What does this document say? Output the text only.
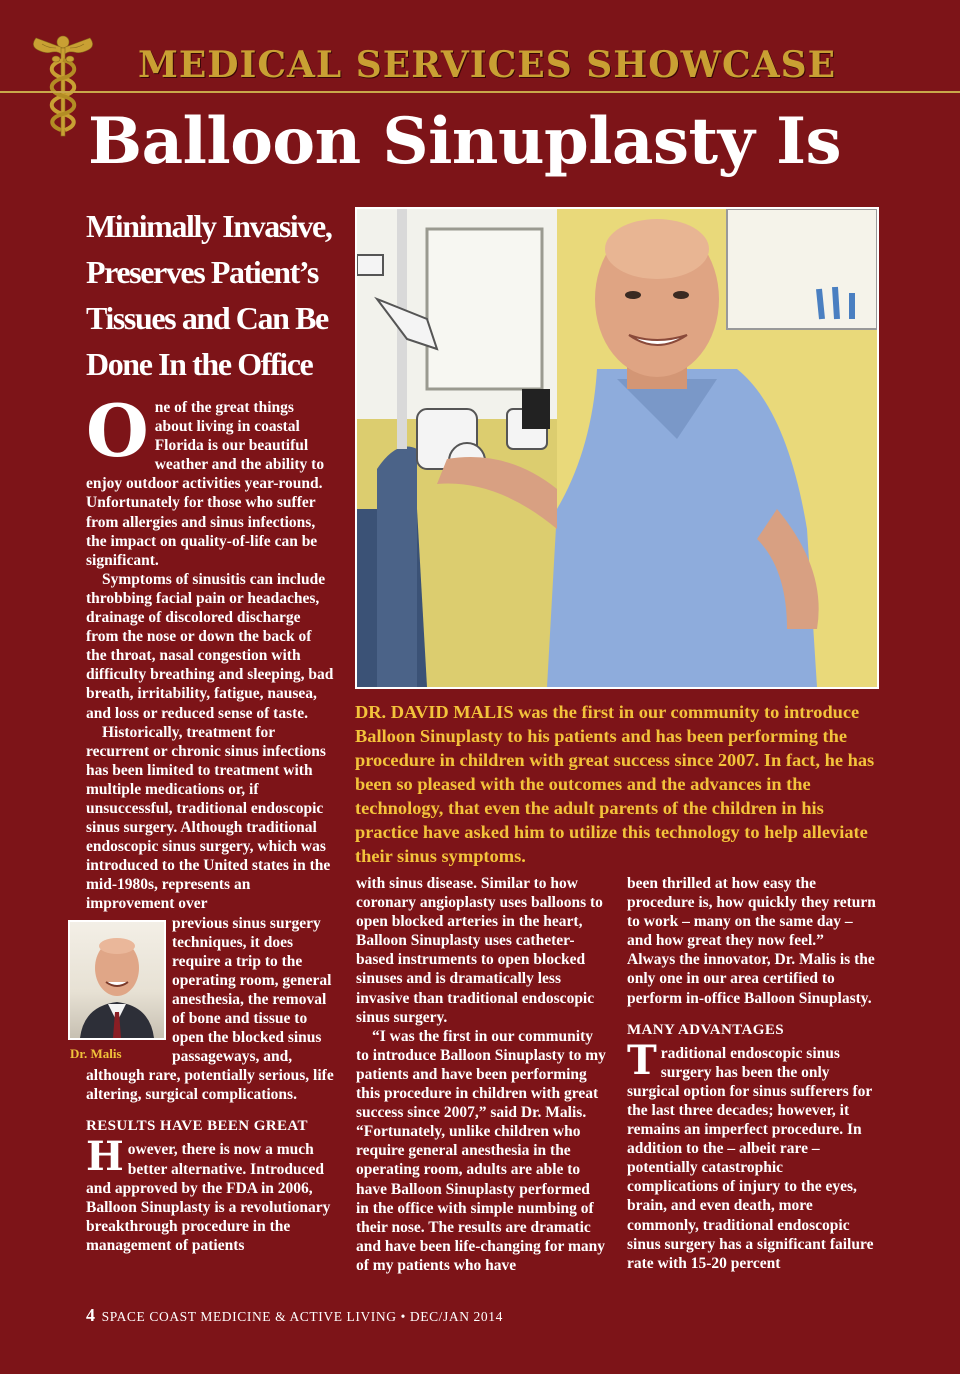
MEDICAL SERVICES SHOWCASE
Balloon Sinuplasty Is
Minimally Invasive, Preserves Patient’s Tissues and Can Be Done In the Office

DR. DAVID MALIS was the first in our community to introduce Balloon Sinuplasty to his patients and has been performing the procedure in children with great success since 2007. In fact, he has been so pleased with the outcomes and the advances in the technology, that even the adult parents of the children in his practice have asked him to utilize this technology to help alleviate their sinus symptoms.

One of the great things about living in coastal Florida is our beautiful weather and the ability to enjoy outdoor activities year-round. Unfortunately for those who suffer from allergies and sinus infections, the impact on quality-of-life can be significant.

Symptoms of sinusitis can include throbbing facial pain or headaches, drainage of discolored discharge from the nose or down the back of the throat, nasal congestion with difficulty breathing and sleeping, bad breath, irritability, fatigue, nausea, and loss or reduced sense of taste.

Historically, treatment for recurrent or chronic sinus infections has been limited to treatment with multiple medications or, if unsuccessful, traditional endoscopic sinus surgery. Although traditional endoscopic sinus surgery, which was introduced to the United states in the mid-1980s, represents an improvement over

Dr. Malis

previous sinus surgery techniques, it does require a trip to the operating room, general anesthesia, the removal of bone and tissue to open the blocked sinus passageways, and, although rare, potentially serious, life altering, surgical complications.

RESULTS HAVE BEEN GREAT

However, there is now a much better alternative. Introduced and approved by the FDA in 2006, Balloon Sinuplasty is a revolutionary breakthrough procedure in the management of patients

with sinus disease. Similar to how coronary angioplasty uses balloons to open blocked arteries in the heart, Balloon Sinuplasty uses catheter-based instruments to open blocked sinuses and is dramatically less invasive than traditional endoscopic sinus surgery.

“I was the first in our community to introduce Balloon Sinuplasty to my patients and have been performing this procedure in children with great success since 2007,” said Dr. Malis. “Fortunately, unlike children who require general anesthesia in the operating room, adults are able to have Balloon Sinuplasty performed in the office with simple numbing of their nose. The results are dramatic and have been life-changing for many of my patients who have

been thrilled at how easy the procedure is, how quickly they return to work – many on the same day – and how great they now feel.”

Always the innovator, Dr. Malis is the only one in our area certified to perform in-office Balloon Sinuplasty.

MANY ADVANTAGES

Traditional endoscopic sinus surgery has been the only surgical option for sinus sufferers for the last three decades; however, it remains an imperfect procedure. In addition to the – albeit rare – potentially catastrophic complications of injury to the eyes, brain, and even death, more commonly, traditional endoscopic sinus surgery has a significant failure rate with 15-20 percent

4 SPACE COAST MEDICINE & ACTIVE LIVING • DEC/JAN 2014
